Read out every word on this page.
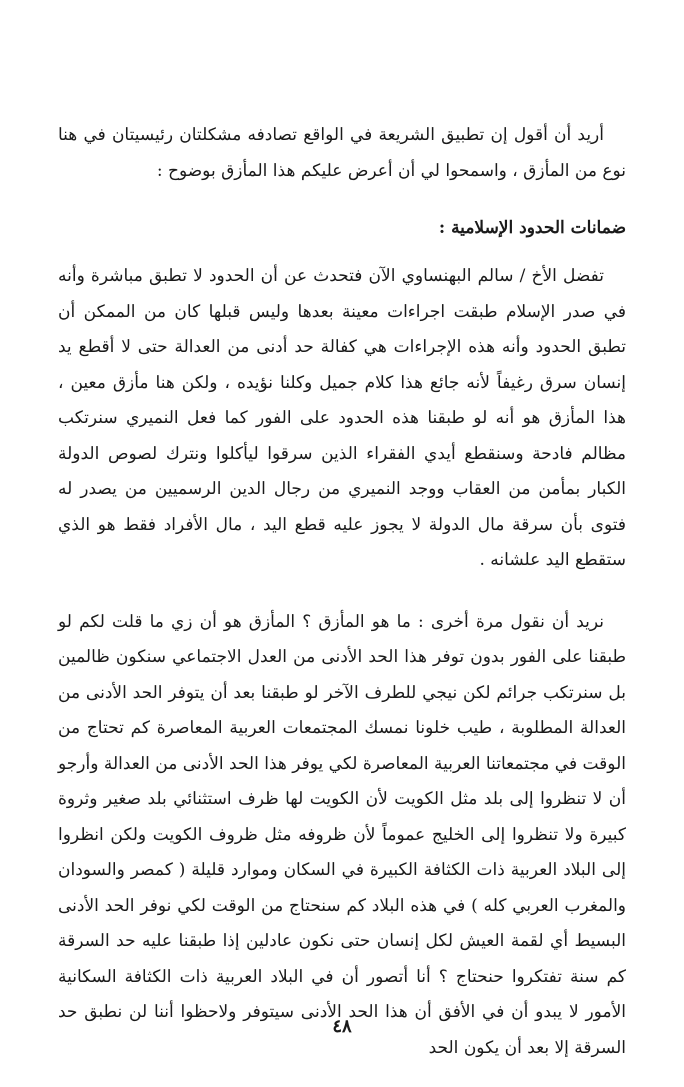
أريد أن أقول إن تطبيق الشريعة في الواقع تصادفه مشكلتان رئيسيتان في هنا نوع من المأزق ، واسمحوا لي أن أعرض عليكم هذا المأزق بوضوح :

ضمانات الحدود الإسلامية :

تفضل الأخ / سالم البهنساوي الآن فتحدث عن أن الحدود لا تطبق مباشرة وأنه في صدر الإسلام طبقت اجراءات معينة بعدها وليس قبلها كان من الممكن أن تطبق الحدود وأنه هذه الإجراءات هي كفالة حد أدنى من العدالة حتى لا أقطع يد إنسان سرق رغيفاً لأنه جائع هذا كلام جميل وكلنا نؤيده ، ولكن هنا مأزق معين ، هذا المأزق هو أنه لو طبقنا هذه الحدود على الفور كما فعل النميري سنرتكب مظالم فادحة وسنقطع أيدي الفقراء الذين سرقوا ليأكلوا ونترك لصوص الدولة الكبار بمأمن من العقاب ووجد النميري من رجال الدين الرسميين من يصدر له فتوى بأن سرقة مال الدولة لا يجوز عليه قطع اليد ، مال الأفراد فقط هو الذي ستقطع اليد علشانه .

نريد أن نقول مرة أخرى : ما هو المأزق ؟ المأزق هو أن زي ما قلت لكم لو طبقنا على الفور بدون توفر هذا الحد الأدنى من العدل الاجتماعي سنكون ظالمين بل سنرتكب جرائم لكن نيجي للطرف الآخر لو طبقنا بعد أن يتوفر الحد الأدنى من العدالة المطلوبة ، طيب خلونا نمسك المجتمعات العربية المعاصرة كم تحتاج من الوقت في مجتمعاتنا العربية المعاصرة لكي يوفر هذا الحد الأدنى من العدالة وأرجو أن لا تنظروا إلى بلد مثل الكويت لأن الكويت لها ظرف استثنائي بلد صغير وثروة كبيرة ولا تنظروا إلى الخليج عموماً لأن ظروفه مثل ظروف الكويت ولكن انظروا إلى البلاد العربية ذات الكثافة الكبيرة في السكان وموارد قليلة ( كمصر والسودان والمغرب العربي كله ) في هذه البلاد كم سنحتاج من الوقت لكي نوفر الحد الأدنى البسيط أي لقمة العيش لكل إنسان حتى نكون عادلين إذا طبقنا عليه حد السرقة كم سنة تفتكروا حنحتاج ؟ أنا أتصور أن في البلاد العربية ذات الكثافة السكانية الأمور لا يبدو أن في الأفق أن هذا الحد الأدنى سيتوفر ولاحظوا أننا لن نطبق حد السرقة إلا بعد أن يكون الحد

٤٨
